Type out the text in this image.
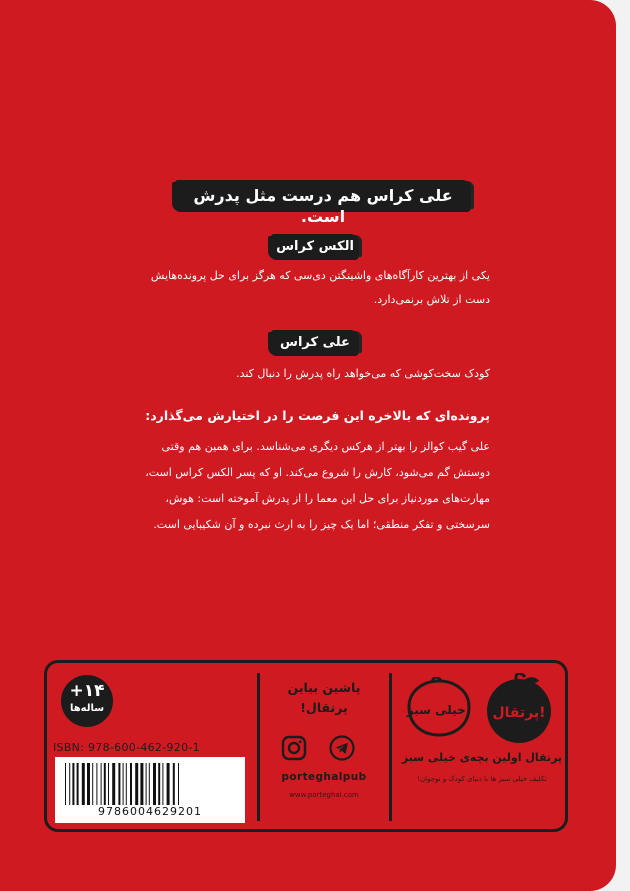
علی کراس هم درست مثل پدرش است.
الکس کراس
یکی از بهترین کارآگاه‌های واشینگتن دی‌سی که هرگز برای حل پرونده‌هایش
دست از تلاش برنمی‌دارد.
علی کراس
کودک سخت‌کوشی که می‌خواهد راه پدرش را دنبال کند.
پرونده‌ای که بالاخره این فرصت را در اختیارش می‌گذارد:
علی گیب کوالز را بهتر از هرکس دیگری می‌شناسد. برای همین هم وقتی
دوستش گم می‌شود، کارش را شروع می‌کند. او که پسر الکس کراس است،
مهارت‌های موردنیاز برای حل این معما را از پدرش آموخته است: هوش،
سرسختی و تفکر منطقی؛ اما یک چیز را به ارث نبرده و آن شکیبایی است.
+۱۴
ساله‌ها
ISBN: 978-600-462-920-1
9786004629201
پاشین بیاین
پرتقال!
porteghalpub
www.porteghal.com
خیلی سبز! پرتقال!
پرتقال اولین بچه‌ی خیلی سبز
تکلیف خیلی سبز ها با دنیای کودک و نوجوان!
